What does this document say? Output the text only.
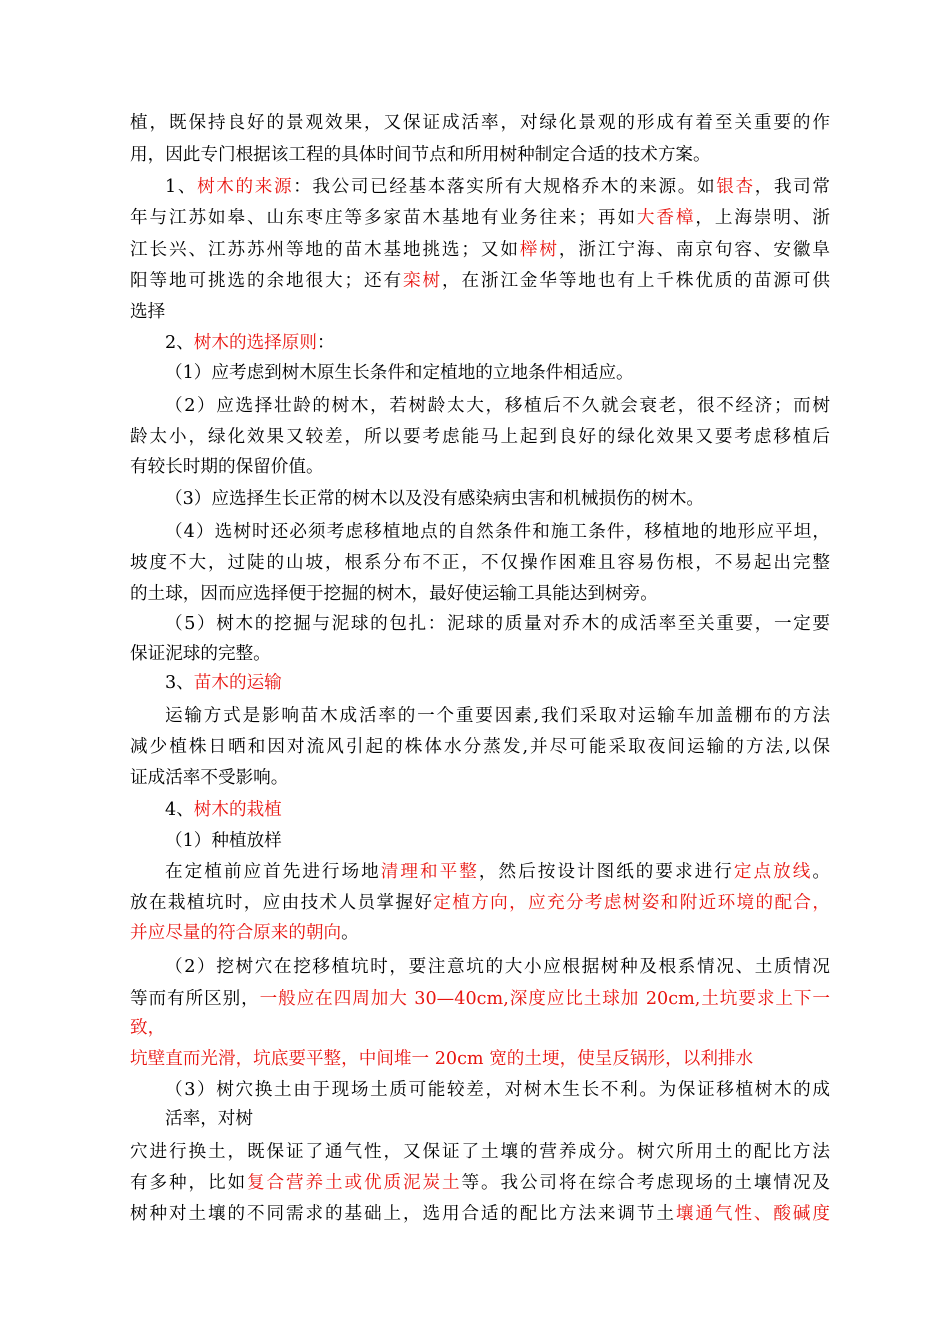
植，既保持良好的景观效果，又保证成活率，对绿化景观的形成有着至关重要的作
用，因此专门根据该工程的具体时间节点和所用树种制定合适的技术方案。
1、树木的来源：我公司已经基本落实所有大规格乔木的来源。如银杏，我司常
年与江苏如皋、山东枣庄等多家苗木基地有业务往来；再如大香樟，上海崇明、浙
江长兴、江苏苏州等地的苗木基地挑选；又如榉树，浙江宁海、南京句容、安徽阜
阳等地可挑选的余地很大；还有栾树，在浙江金华等地也有上千株优质的苗源可供
选择
2、树木的选择原则：
（1）应考虑到树木原生长条件和定植地的立地条件相适应。
（2）应选择壮龄的树木，若树龄太大，移植后不久就会衰老，很不经济；而树
龄太小，绿化效果又较差，所以要考虑能马上起到良好的绿化效果又要考虑移植后
有较长时期的保留价值。
（3）应选择生长正常的树木以及没有感染病虫害和机械损伤的树木。
（4）选树时还必须考虑移植地点的自然条件和施工条件，移植地的地形应平坦，
坡度不大，过陡的山坡，根系分布不正，不仅操作困难且容易伤根，不易起出完整
的土球，因而应选择便于挖掘的树木，最好使运输工具能达到树旁。
（5）树木的挖掘与泥球的包扎：泥球的质量对乔木的成活率至关重要，一定要
保证泥球的完整。
3、苗木的运输
运输方式是影响苗木成活率的一个重要因素,我们采取对运输车加盖棚布的方法
减少植株日晒和因对流风引起的株体水分蒸发,并尽可能采取夜间运输的方法,以保
证成活率不受影响。
4、树木的栽植
（1）种植放样
在定植前应首先进行场地清理和平整，然后按设计图纸的要求进行定点放线。
放在栽植坑时，应由技术人员掌握好定植方向，应充分考虑树姿和附近环境的配合，
并应尽量的符合原来的朝向。
（2）挖树穴在挖移植坑时，要注意坑的大小应根据树种及根系情况、土质情况
等而有所区别，一般应在四周加大 30—40cm,深度应比土球加 20cm,土坑要求上下一
致，
坑壁直而光滑，坑底要平整，中间堆一 20cm 宽的土埂，使呈反锅形，以利排水
（3）树穴换土由于现场土质可能较差，对树木生长不利。为保证移植树木的成
活率，对树
穴进行换土，既保证了通气性，又保证了土壤的营养成分。树穴所用土的配比方法
有多种，比如复合营养土或优质泥炭土等。我公司将在综合考虑现场的土壤情况及
树种对土壤的不同需求的基础上，选用合适的配比方法来调节土壤通气性、酸碱度
